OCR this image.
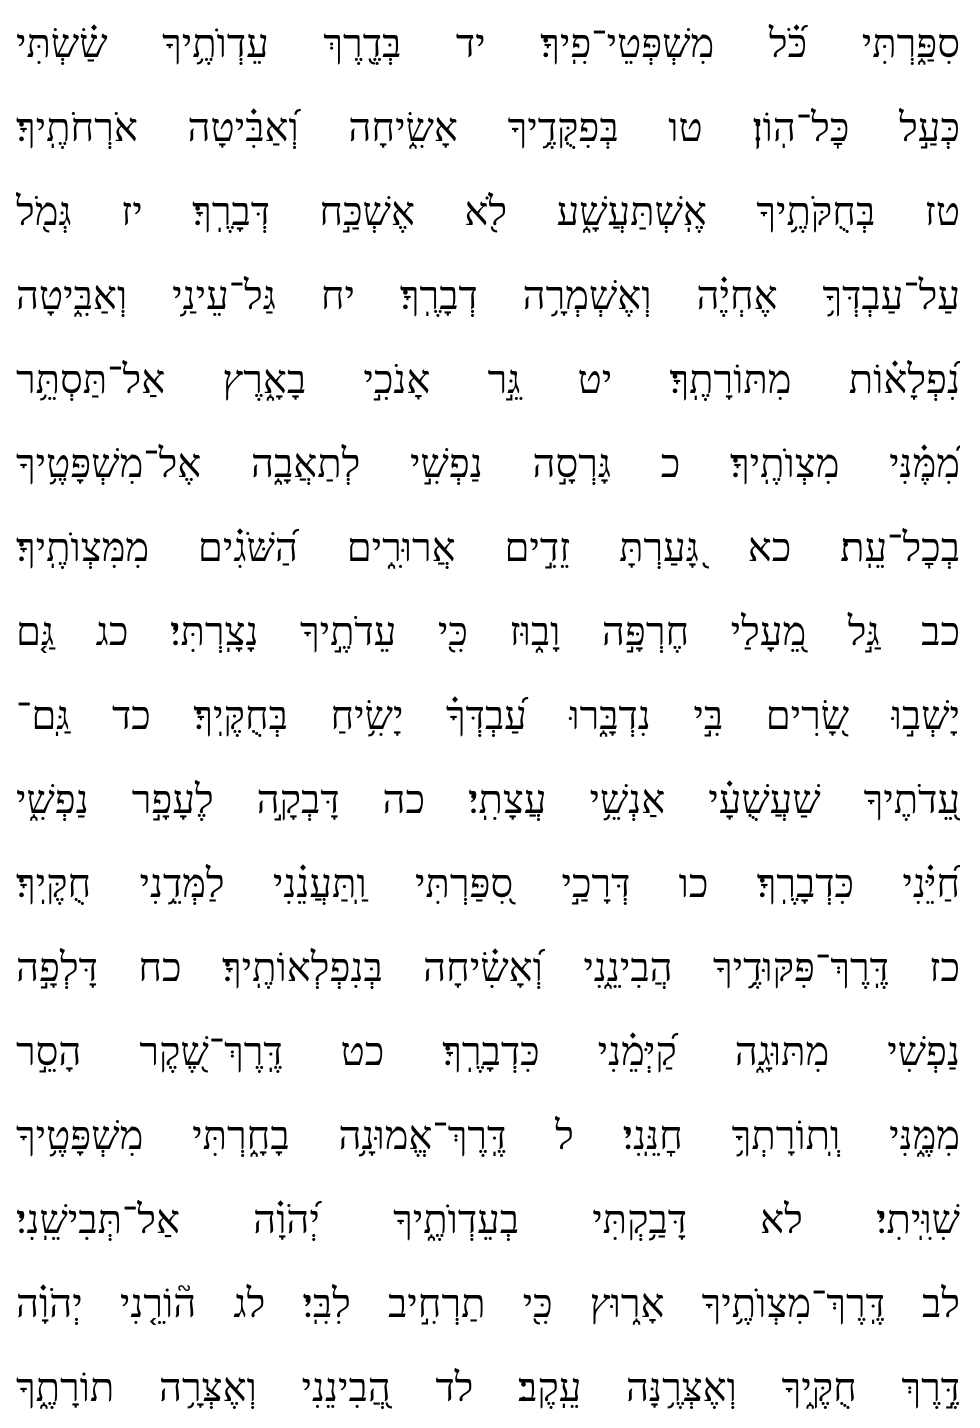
סִפַּ֑רְתִּי כֹּ֝֗ל מִשְׁפְּטֵי־פִֽיךָ׃ יד בְּדֶ֖רֶךְ עֵדְוֺתֶ֥יךָ שַׂ֗שְׂתִּי

כְּעַ֣ל כׇּל־הֽוֹן׃ טו בְּפִקֻּדֶ֥יךָ אָשִׂ֑יחָה וְ֝אַבִּ֗יטָה אֹרְחֹתֶֽיךָ׃

טז בְּחֻקֹּתֶ֥יךָ אֶֽשְׁתַּעֲשָׁ֑ע לֹ֖א אֶשְׁכַּ֣ח דְּבָרֶֽךָ׃ יז גְּמֹ֖ל

עַל־עַבְדְּךָ֥ אֶחְיֶ֗ה וְאֶשְׁמְרָ֥ה דְבָרֶֽךָ׃ יח גַּל־עֵינַ֥י וְאַבִּ֑יטָה

נִ֝פְלָא֗וֹת מִתּוֹרָתֶֽךָ׃ יט גֵּ֣ר אָנֹכִ֣י בָאָ֑רֶץ אַל־תַּסְתֵּ֥ר

מִ֝מֶּ֗נִּי מִצְוֺתֶֽיךָ׃ כ גָּרְסָ֣ה נַפְשִׁ֣י לְתַאֲבָ֑ה אֶל־מִשְׁפָּטֶ֥יךָ

בְכׇל־עֵֽת׃ כא גָּ֭עַרְתָּ זֵדִ֣ים אֲרוּרִ֑ים הַ֝שֹּׁגִ֗ים מִמִּצְוֺתֶֽיךָ׃

כב גַּ֣ל מֵ֭עָלַי חֶרְפָּ֣ה וָב֑וּז כִּ֖י עֵדֹתֶ֣יךָ נָצָֽרְתִּי׃ כג גַּ֤ם

יָשְׁב֣וּ שָׂ֭רִים בִּ֣י נִדְבָּ֑רוּ עַ֝בְדְּךָ֗ יָשִׂ֥יחַ בְּחֻקֶּֽיךָ׃ כד גַּֽם־

עֵ֭דֹתֶיךָ שַׁעֲשֻׁעָ֗י אַנְשֵׁ֥י עֲצָתִֽי׃ כה דָּבְקָ֣ה לֶעָפָ֣ר נַפְשִׁ֑י

חַ֝יֵּ֗נִי כִּדְבָרֶֽךָ׃ כו דְּרָכַ֣י סִ֭פַּרְתִּי וַֽתַּעֲנֵ֗נִי לַמְּדֵ֥נִי חֻקֶּֽיךָ׃

כז דֶּֽרֶךְ־פִּקּוּדֶ֥יךָ הֲבִינֵ֑נִי וְ֝אָשִׂ֗יחָה בְּנִפְלְאוֹתֶֽיךָ׃ כח דָּלְפָ֣ה

נַ֭פְשִׁי מִתּוּגָ֑ה קַ֝יְּמֵ֗נִי כִּדְבָרֶֽךָ׃ כט דֶּֽרֶךְ־שֶׁ֭קֶר הָסֵ֣ר

מִמֶּ֑נִּי וְֽתוֹרָתְךָ֥ חׇנֵּֽנִי׃ ל דֶּֽרֶךְ־אֱמוּנָ֥ה בָחָ֑רְתִּי מִשְׁפָּטֶ֥יךָ

שִׁוִּֽיתִי׃ לא דָּבַ֥קְתִּי בְעֵדְוֺתֶ֑יךָ יְ֝הֹוָ֗ה אַל־תְּבִישֵֽׁנִי׃

לב דֶּֽרֶךְ־מִצְוֺתֶ֥יךָ אָר֑וּץ כִּ֖י תַרְחִ֣יב לִבִּֽי׃ לג ה֘וֹרֵ֤נִי יְהֹוָ֗ה

דֶּ֣רֶךְ חֻקֶּ֑יךָ וְאֶצְּרֶ֥נָּה עֵֽקֶב׃ לד הֲ֭בִינֵנִי וְאֶצְּרָ֥ה תוֹרָתֶ֑ךָ
